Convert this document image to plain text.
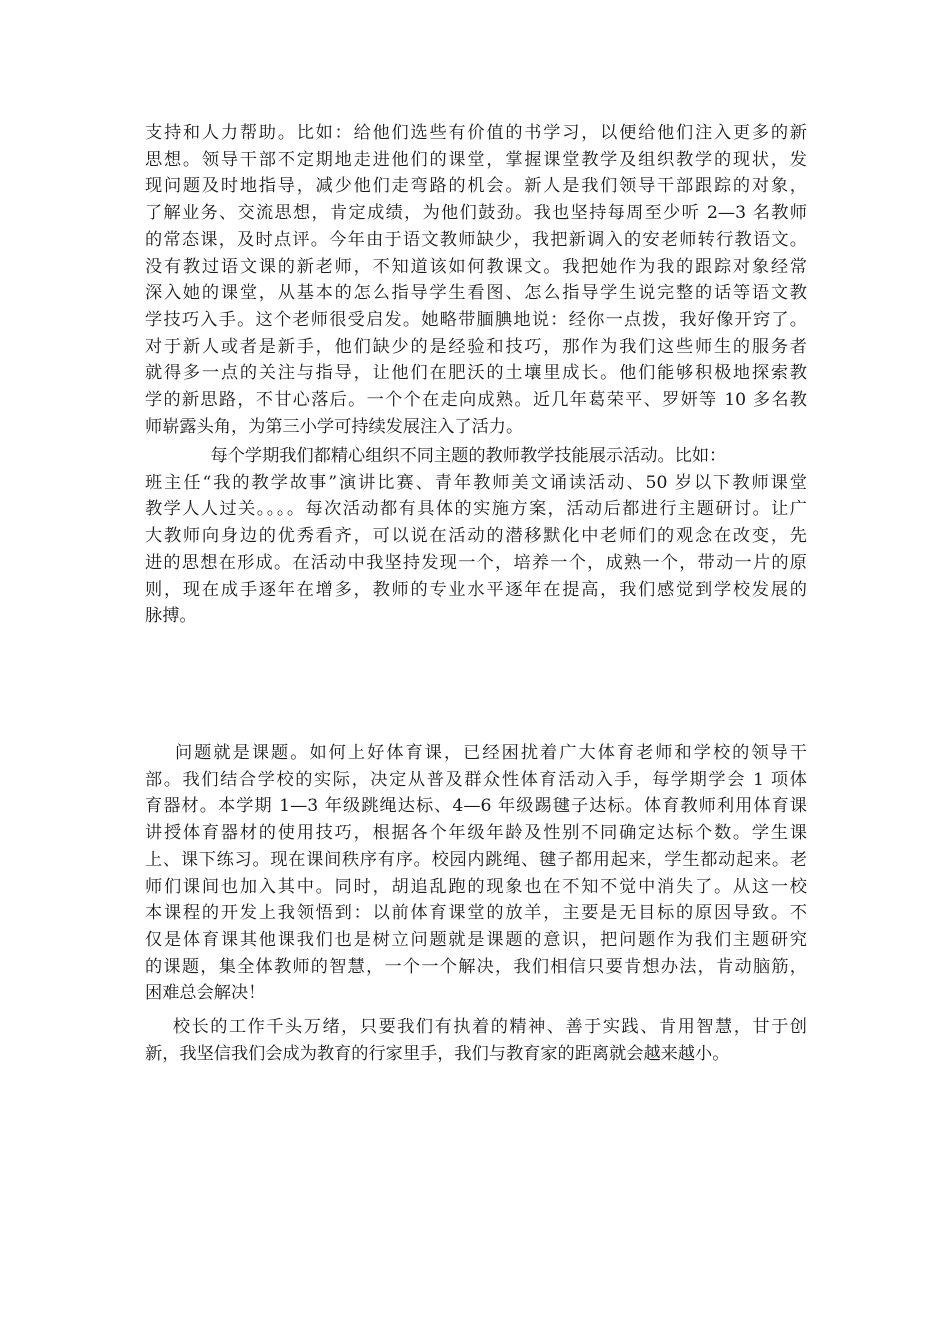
支持和人力帮助。比如：给他们选些有价值的书学习，以便给他们注入更多的新
思想。领导干部不定期地走进他们的课堂，掌握课堂教学及组织教学的现状，发
现问题及时地指导，减少他们走弯路的机会。新人是我们领导干部跟踪的对象，
了解业务、交流思想，肯定成绩，为他们鼓劲。我也坚持每周至少听 2—3 名教师
的常态课，及时点评。今年由于语文教师缺少，我把新调入的安老师转行教语文。
没有教过语文课的新老师，不知道该如何教课文。我把她作为我的跟踪对象经常
深入她的课堂，从基本的怎么指导学生看图、怎么指导学生说完整的话等语文教
学技巧入手。这个老师很受启发。她略带腼腆地说：经你一点拨，我好像开窍了。
对于新人或者是新手，他们缺少的是经验和技巧，那作为我们这些师生的服务者
就得多一点的关注与指导，让他们在肥沃的土壤里成长。他们能够积极地探索教
学的新思路，不甘心落后。一个个在走向成熟。近几年葛荣平、罗妍等 10 多名教
师崭露头角，为第三小学可持续发展注入了活力。

每个学期我们都精心组织不同主题的教师教学技能展示活动。比如：
班主任“我的教学故事”演讲比赛、青年教师美文诵读活动、50 岁以下教师课堂
教学人人过关。。。。每次活动都有具体的实施方案，活动后都进行主题研讨。让广
大教师向身边的优秀看齐，可以说在活动的潜移默化中老师们的观念在改变，先
进的思想在形成。在活动中我坚持发现一个，培养一个，成熟一个，带动一片的原
则，现在成手逐年在增多，教师的专业水平逐年在提高，我们感觉到学校发展的
脉搏。

问题就是课题。如何上好体育课，已经困扰着广大体育老师和学校的领导干
部。我们结合学校的实际，决定从普及群众性体育活动入手，每学期学会 1 项体
育器材。本学期 1—3 年级跳绳达标、4—6 年级踢毽子达标。体育教师利用体育课
讲授体育器材的使用技巧，根据各个年级年龄及性别不同确定达标个数。学生课
上、课下练习。现在课间秩序有序。校园内跳绳、毽子都用起来，学生都动起来。老
师们课间也加入其中。同时，胡追乱跑的现象也在不知不觉中消失了。从这一校
本课程的开发上我领悟到：以前体育课堂的放羊，主要是无目标的原因导致。不
仅是体育课其他课我们也是树立问题就是课题的意识，把问题作为我们主题研究
的课题，集全体教师的智慧，一个一个解决，我们相信只要肯想办法，肯动脑筋，
困难总会解决！

校长的工作千头万绪，只要我们有执着的精神、善于实践、肯用智慧，甘于创
新，我坚信我们会成为教育的行家里手，我们与教育家的距离就会越来越小。
